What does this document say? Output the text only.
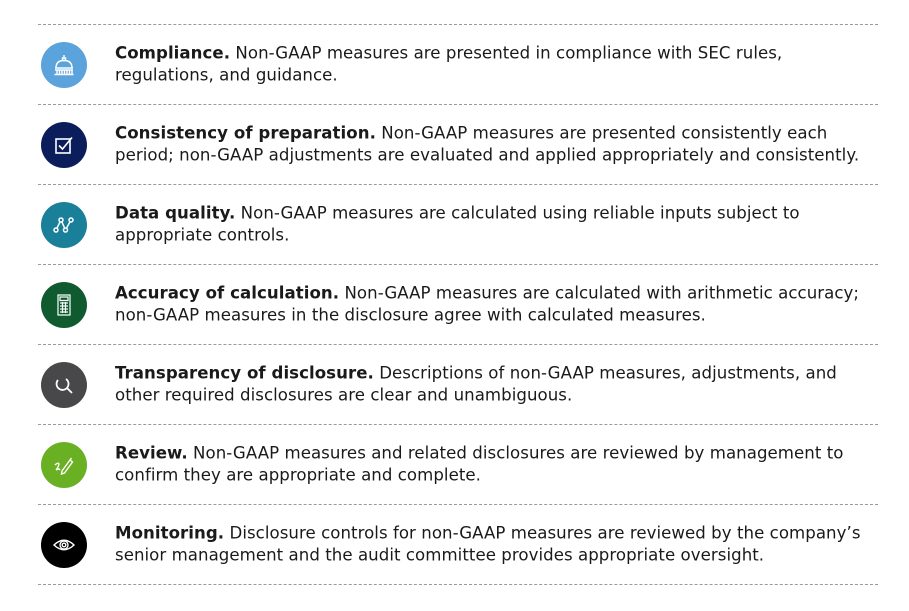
Compliance. Non-GAAP measures are presented in compliance with SEC rules, regulations, and guidance.
Consistency of preparation. Non-GAAP measures are presented consistently each period; non-GAAP adjustments are evaluated and applied appropriately and consistently.
Data quality. Non-GAAP measures are calculated using reliable inputs subject to appropriate controls.
Accuracy of calculation. Non-GAAP measures are calculated with arithmetic accuracy; non-GAAP measures in the disclosure agree with calculated measures.
Transparency of disclosure. Descriptions of non-GAAP measures, adjustments, and other required disclosures are clear and unambiguous.
Review. Non-GAAP measures and related disclosures are reviewed by management to confirm they are appropriate and complete.
Monitoring. Disclosure controls for non-GAAP measures are reviewed by the company’s senior management and the audit committee provides appropriate oversight.
